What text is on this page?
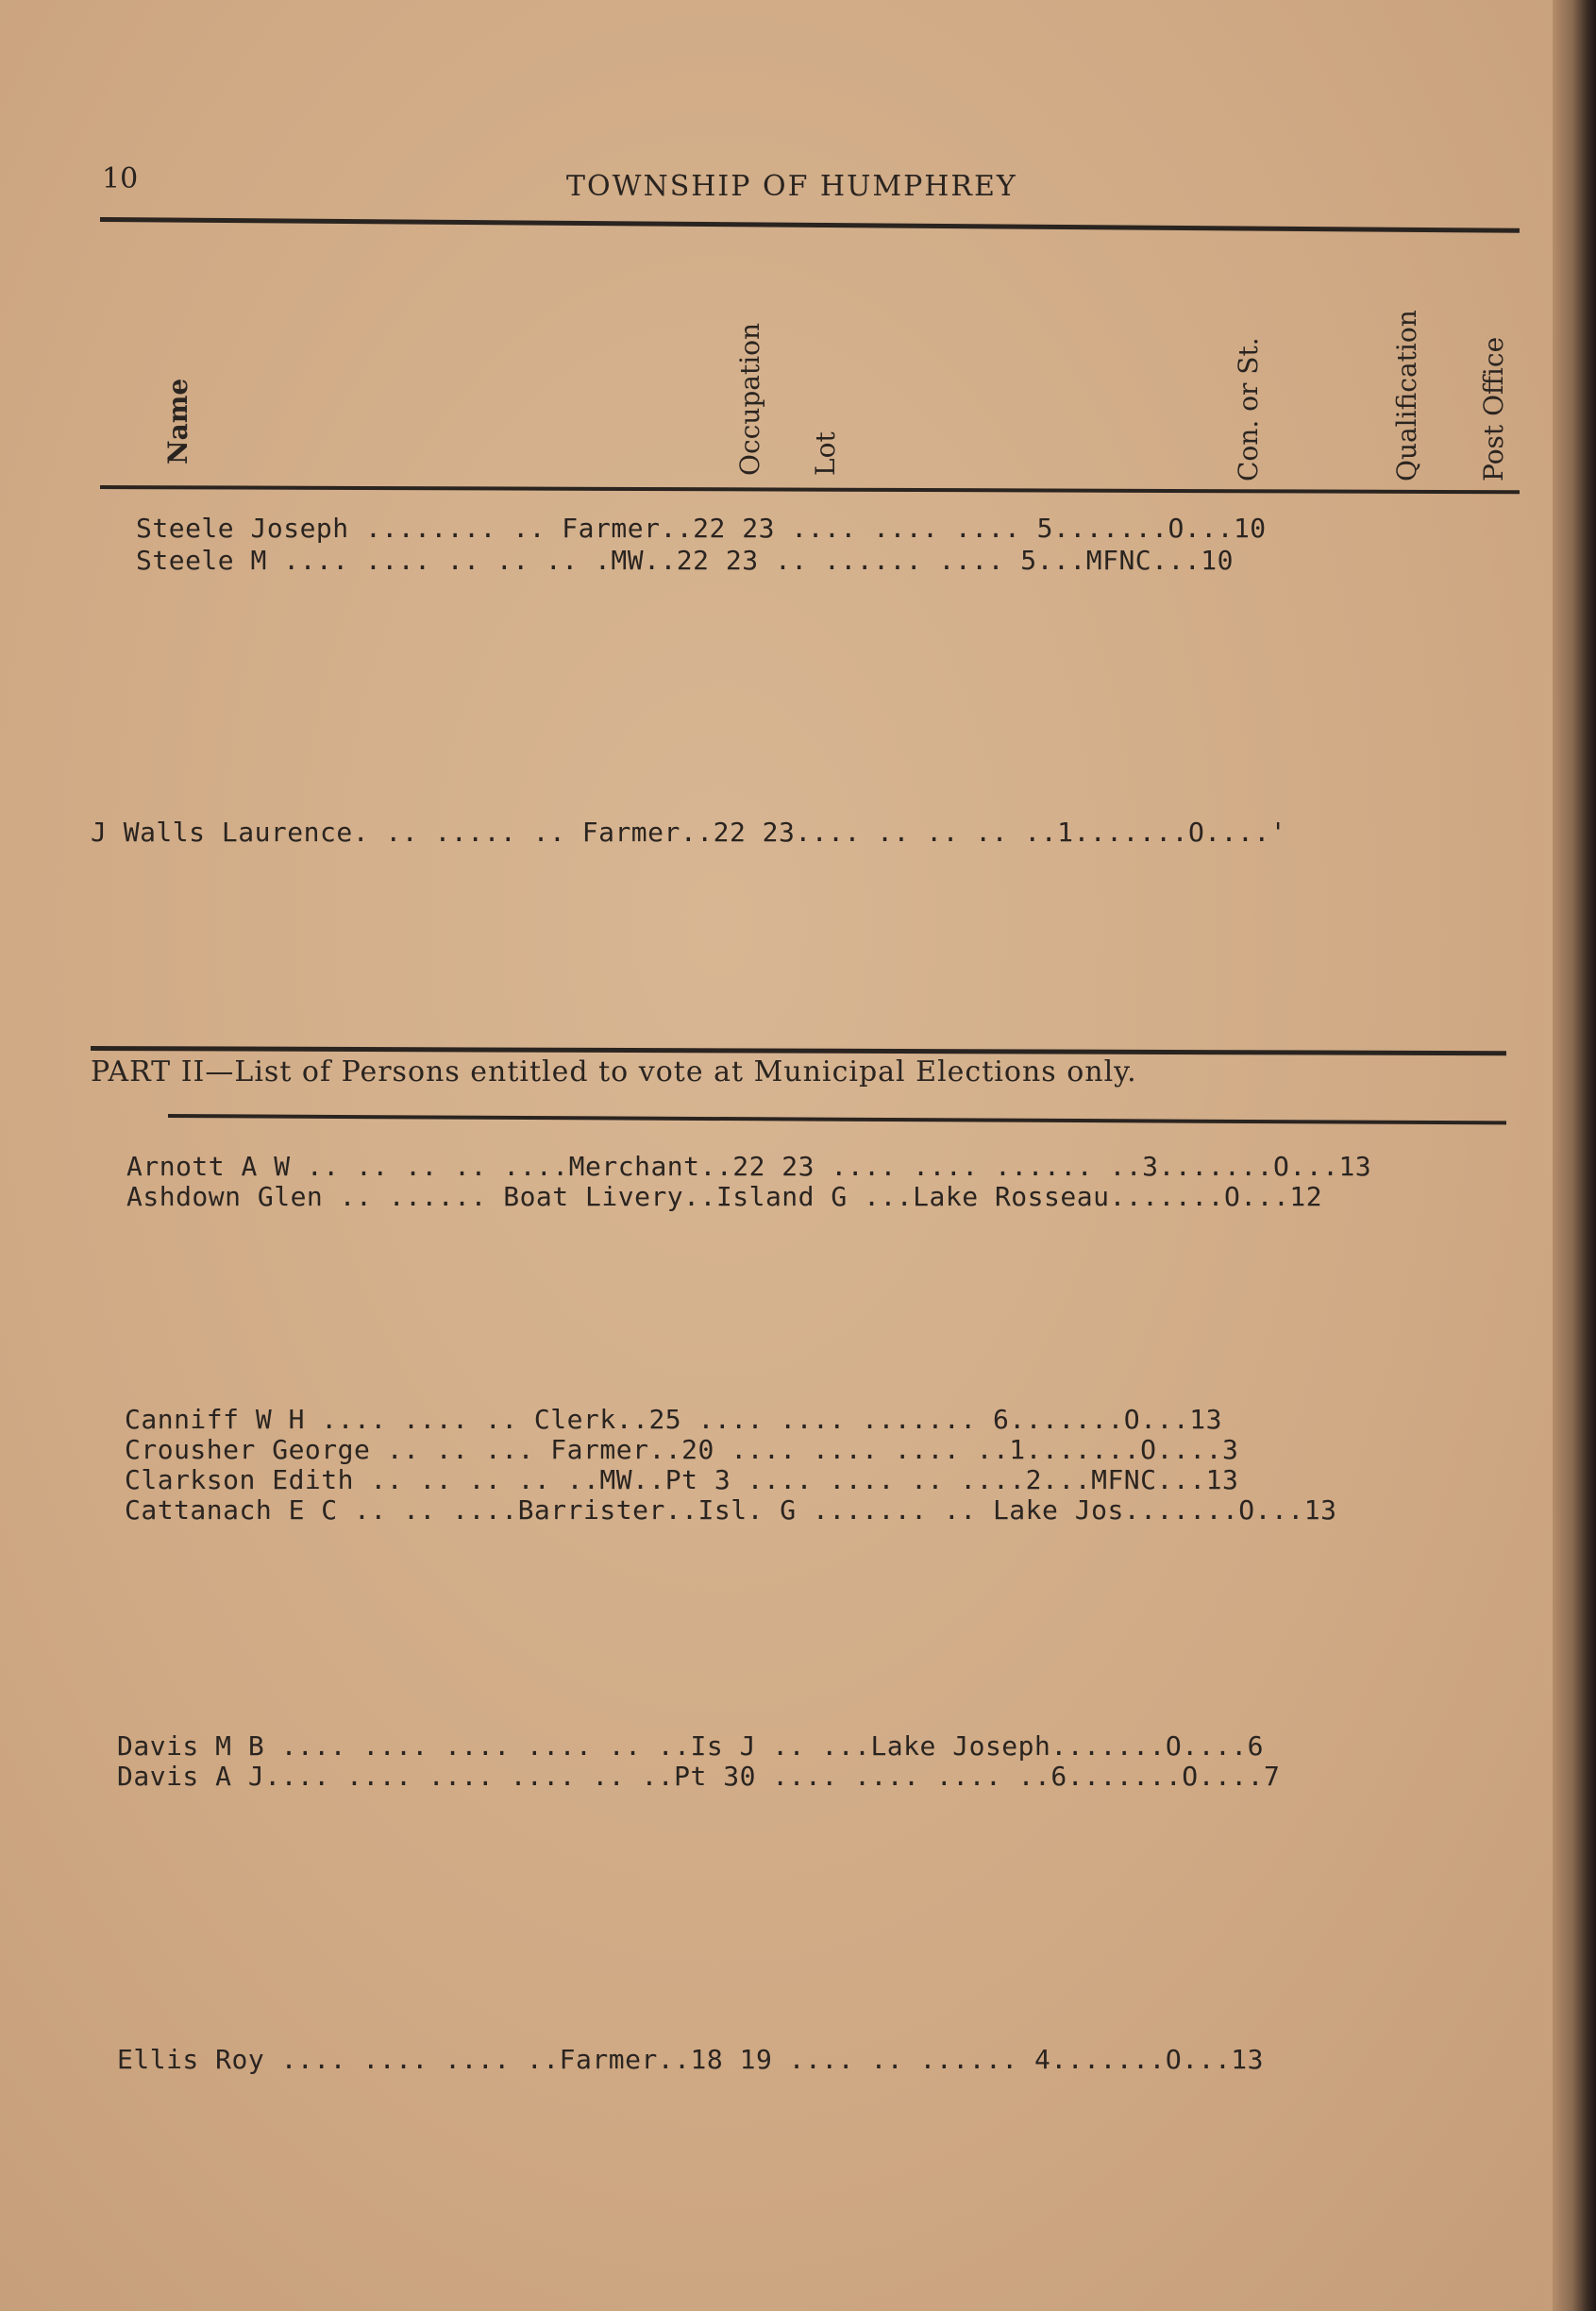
10	TOWNSHIP OF HUMPHREY
Name	Occupation Lot	Con. or St.	Qualification Post Office
Steele Joseph ........ .. Farmer..22 23 .... .... .... 5.......O...10
Steele M .... .... .. .. .. .MW..22 23 .. ...... .... 5...MFNC...10
J Walls Laurence. .. ..... .. Farmer..22 23.... .. .. .. ..1.......O....'
PART II—List of Persons entitled to vote at Municipal Elections only.
Arnott A W .. .. .. .. ....Merchant..22 23 .... .... ...... ..3.......O...13
Ashdown Glen .. ...... Boat Livery..Island G ...Lake Rosseau.......O...12
Canniff W H .... .... .. Clerk..25 .... .... ....... 6.......O...13
Crousher George .. .. ... Farmer..20 .... .... .... ..1.......O....3
Clarkson Edith .. .. .. .. ..MW..Pt 3 .... .... .. ....2...MFNC...13
Cattanach E C .. .. ....Barrister..Isl. G ....... .. Lake Jos.......O...13
Davis M B .... .... .... .... .. ..Is J .. ...Lake Joseph.......O....6
Davis A J.... .... .... .... .. ..Pt 30 .... .... .... ..6.......O....7
Ellis Roy .... .... .... ..Farmer..18 19 .... .. ...... 4.......O...13
